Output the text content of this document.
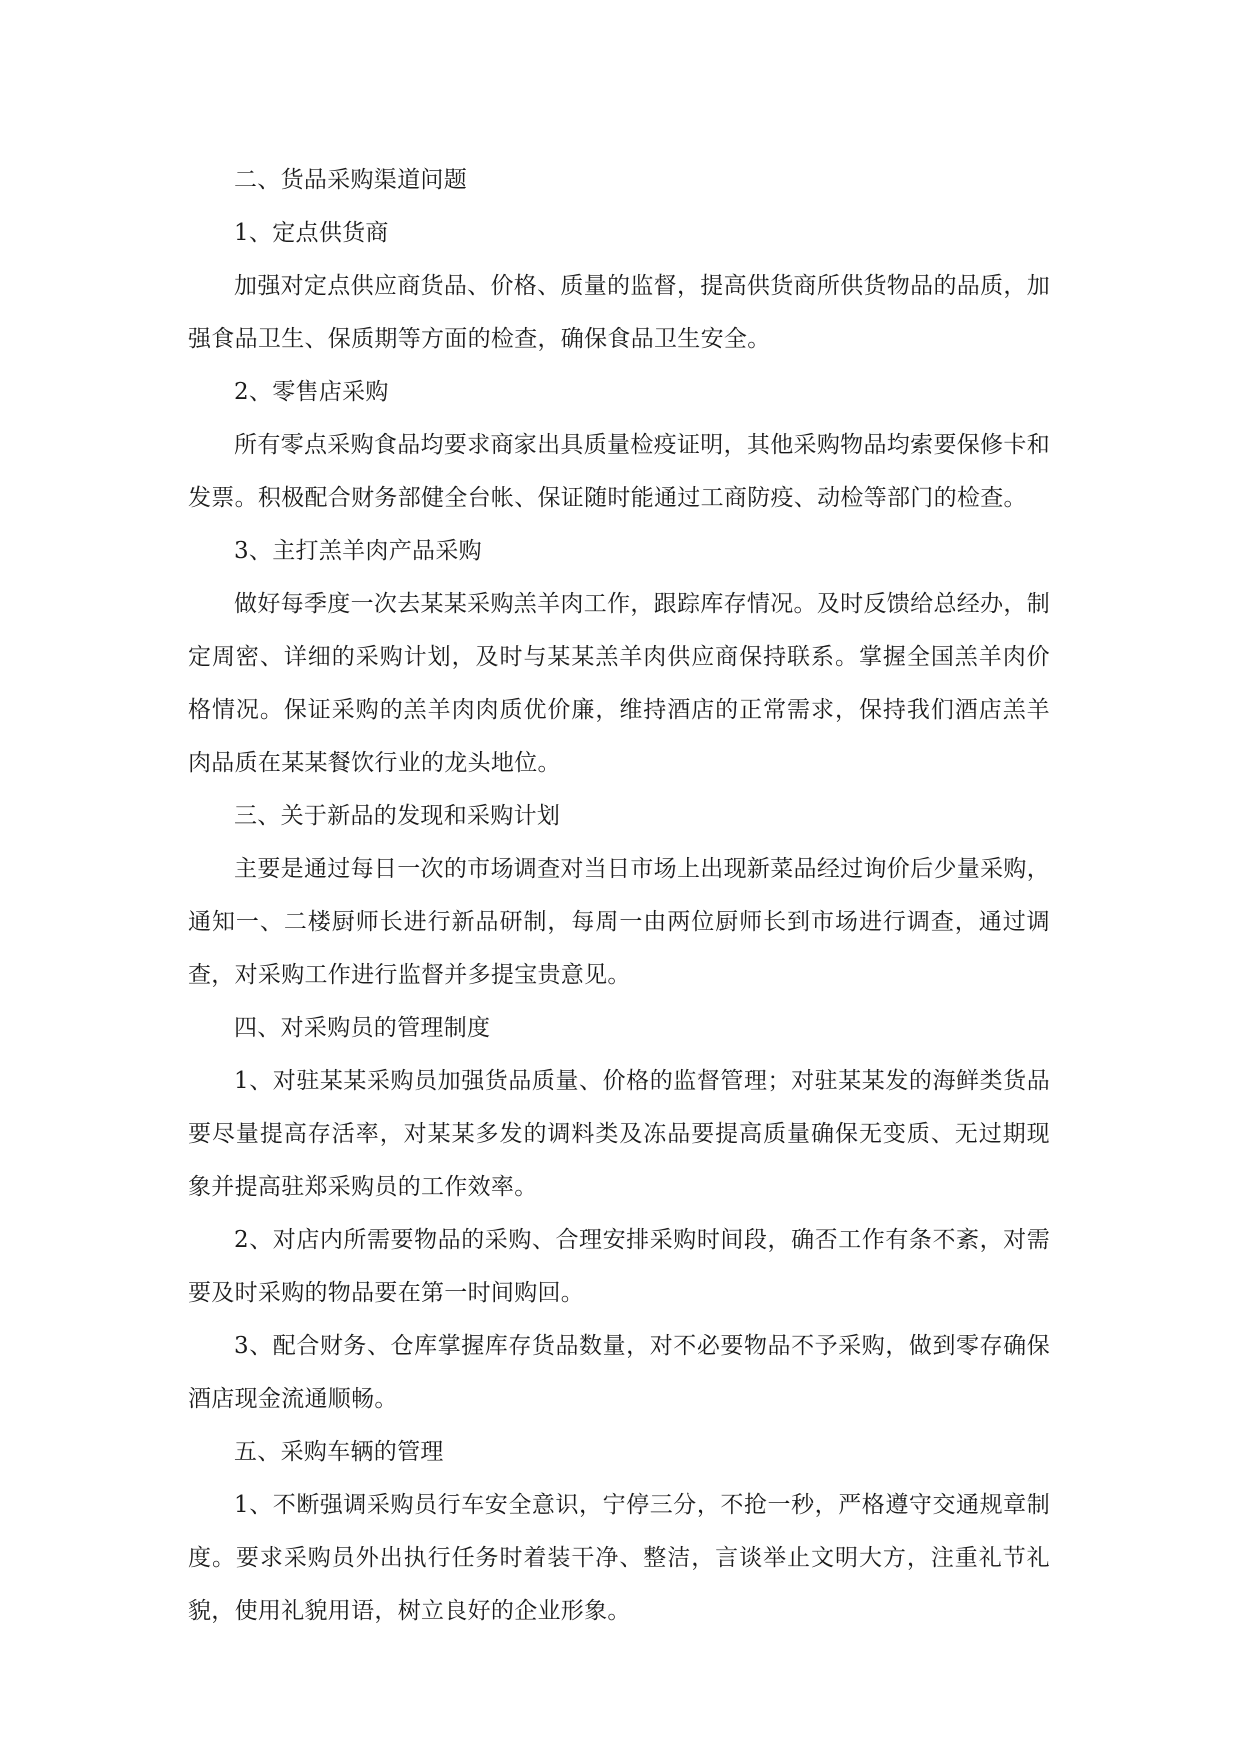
二、货品采购渠道问题

1、定点供货商

加强对定点供应商货品、价格、质量的监督，提高供货商所供货物品的品质，加强食品卫生、保质期等方面的检查，确保食品卫生安全。

2、零售店采购

所有零点采购食品均要求商家出具质量检疫证明，其他采购物品均索要保修卡和发票。积极配合财务部健全台帐、保证随时能通过工商防疫、动检等部门的检查。

3、主打羔羊肉产品采购

做好每季度一次去某某采购羔羊肉工作，跟踪库存情况。及时反馈给总经办，制定周密、详细的采购计划，及时与某某羔羊肉供应商保持联系。掌握全国羔羊肉价格情况。保证采购的羔羊肉肉质优价廉，维持酒店的正常需求，保持我们酒店羔羊肉品质在某某餐饮行业的龙头地位。

三、关于新品的发现和采购计划

主要是通过每日一次的市场调查对当日市场上出现新菜品经过询价后少量采购，通知一、二楼厨师长进行新品研制，每周一由两位厨师长到市场进行调查，通过调查，对采购工作进行监督并多提宝贵意见。

四、对采购员的管理制度

1、对驻某某采购员加强货品质量、价格的监督管理；对驻某某发的海鲜类货品要尽量提高存活率，对某某多发的调料类及冻品要提高质量确保无变质、无过期现象并提高驻郑采购员的工作效率。

2、对店内所需要物品的采购、合理安排采购时间段，确否工作有条不紊，对需要及时采购的物品要在第一时间购回。

3、配合财务、仓库掌握库存货品数量，对不必要物品不予采购，做到零存确保酒店现金流通顺畅。

五、采购车辆的管理

1、不断强调采购员行车安全意识，宁停三分，不抢一秒，严格遵守交通规章制度。要求采购员外出执行任务时着装干净、整洁，言谈举止文明大方，注重礼节礼貌，使用礼貌用语，树立良好的企业形象。
